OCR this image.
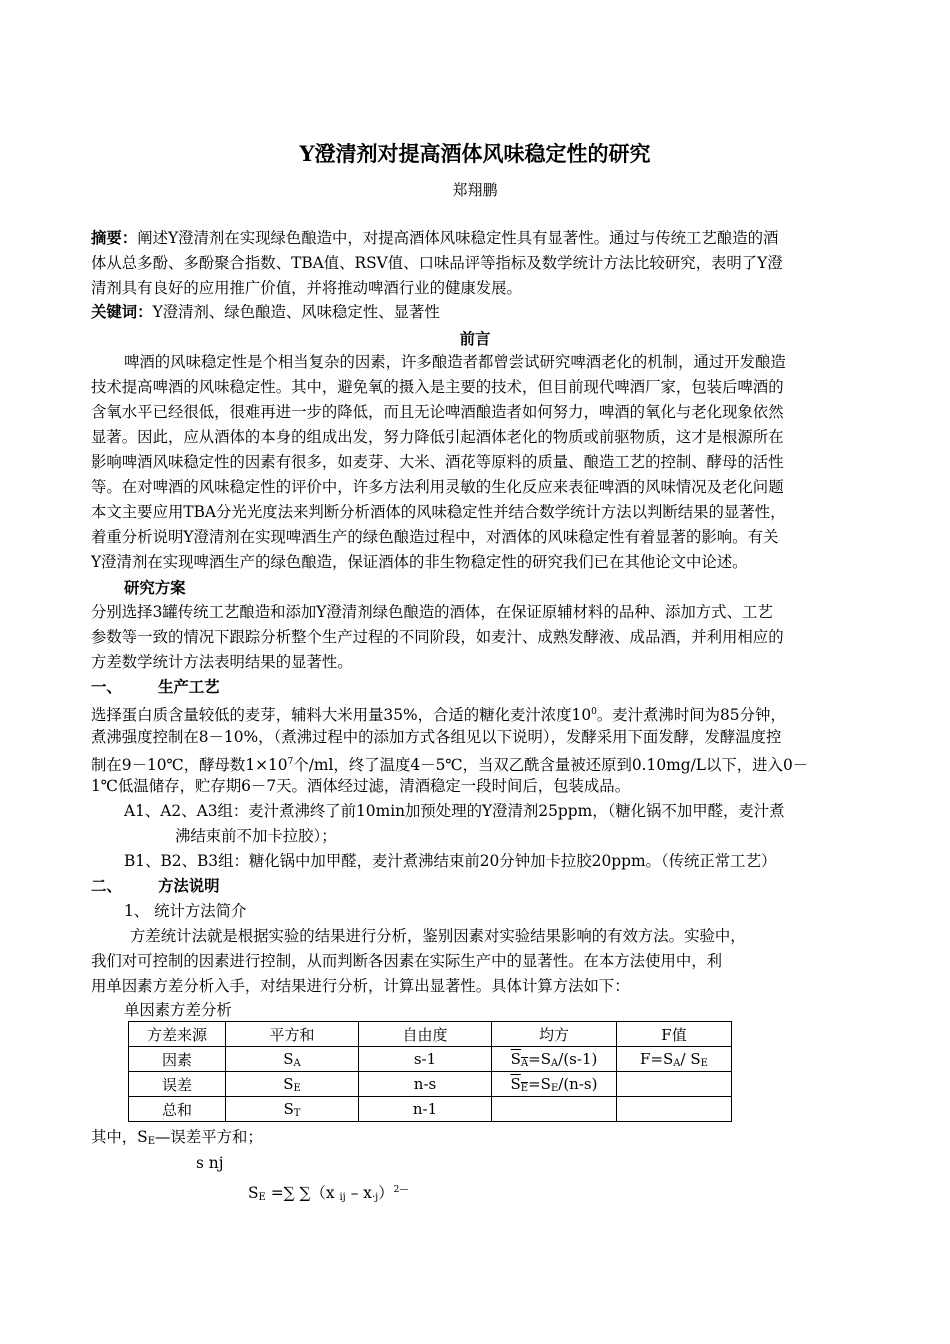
Y澄清剂对提高酒体风味稳定性的研究
郑翔鹏
摘要：阐述Y澄清剂在实现绿色酿造中，对提高酒体风味稳定性具有显著性。通过与传统工艺酿造的酒
体从总多酚、多酚聚合指数、TBA值、RSV值、口味品评等指标及数学统计方法比较研究，表明了Y澄
清剂具有良好的应用推广价值，并将推动啤酒行业的健康发展。
关键词：Y澄清剂、绿色酿造、风味稳定性、显著性
前言
啤酒的风味稳定性是个相当复杂的因素，许多酿造者都曾尝试研究啤酒老化的机制，通过开发酿造
技术提高啤酒的风味稳定性。其中，避免氧的摄入是主要的技术，但目前现代啤酒厂家，包装后啤酒的
含氧水平已经很低，很难再进一步的降低，而且无论啤酒酿造者如何努力，啤酒的氧化与老化现象依然
显著。因此，应从酒体的本身的组成出发，努力降低引起酒体老化的物质或前驱物质，这才是根源所在
影响啤酒风味稳定性的因素有很多，如麦芽、大米、酒花等原料的质量、酿造工艺的控制、酵母的活性
等。在对啤酒的风味稳定性的评价中，许多方法利用灵敏的生化反应来表征啤酒的风味情况及老化问题
本文主要应用TBA分光光度法来判断分析酒体的风味稳定性并结合数学统计方法以判断结果的显著性，
着重分析说明Y澄清剂在实现啤酒生产的绿色酿造过程中，对酒体的风味稳定性有着显著的影响。有关
Y澄清剂在实现啤酒生产的绿色酿造，保证酒体的非生物稳定性的研究我们已在其他论文中论述。
研究方案
分别选择3罐传统工艺酿造和添加Y澄清剂绿色酿造的酒体，在保证原辅材料的品种、添加方式、工艺
参数等一致的情况下跟踪分析整个生产过程的不同阶段，如麦汁、成熟发酵液、成品酒，并利用相应的
方差数学统计方法表明结果的显著性。
一、 生产工艺
选择蛋白质含量较低的麦芽，辅料大米用量35%，合适的糖化麦汁浓度$10^0$。麦汁煮沸时间为85分钟，
煮沸强度控制在8－10%，（煮沸过程中的添加方式各组见以下说明），发酵采用下面发酵，发酵温度控
制在9－10℃，酵母数$1\times 10^7$个/ml，终了温度4－5℃，当双乙酰含量被还原到0.10mg/L以下，进入0－
1℃低温储存，贮存期6－7天。酒体经过滤，清酒稳定一段时间后，包装成品。
A1、A2、A3组：麦汁煮沸终了前10min加预处理的Y澄清剂25ppm，（糖化锅不加甲醛，麦汁煮
沸结束前不加卡拉胶）；
B1、B2、B3组：糖化锅中加甲醛，麦汁煮沸结束前20分钟加卡拉胶20ppm。（传统正常工艺）
二、 方法说明
1、 统计方法简介
方差统计法就是根据实验的结果进行分析，鉴别因素对实验结果影响的有效方法。实验中，
我们对可控制的因素进行控制，从而判断各因素在实际生产中的显著性。在本方法使用中，利
用单因素方差分析入手，对结果进行分析，计算出显著性。具体计算方法如下：
单因素方差分析
方差来源	平方和	自由度	均方	F值
因素	$S_A$	s-1	$S_A=S_A/(s-1)$	$F=S_A/$ $S_E$
误差	$S_E$	n-s	$S_E=S_E/(n-s)$	
总和	$S_T$	n-1		
其中，$S_E—$误差平方和；
s nj
$S_E$ =∑ ∑（x $_{ij} - x_{\cdot j})^{2—}$
